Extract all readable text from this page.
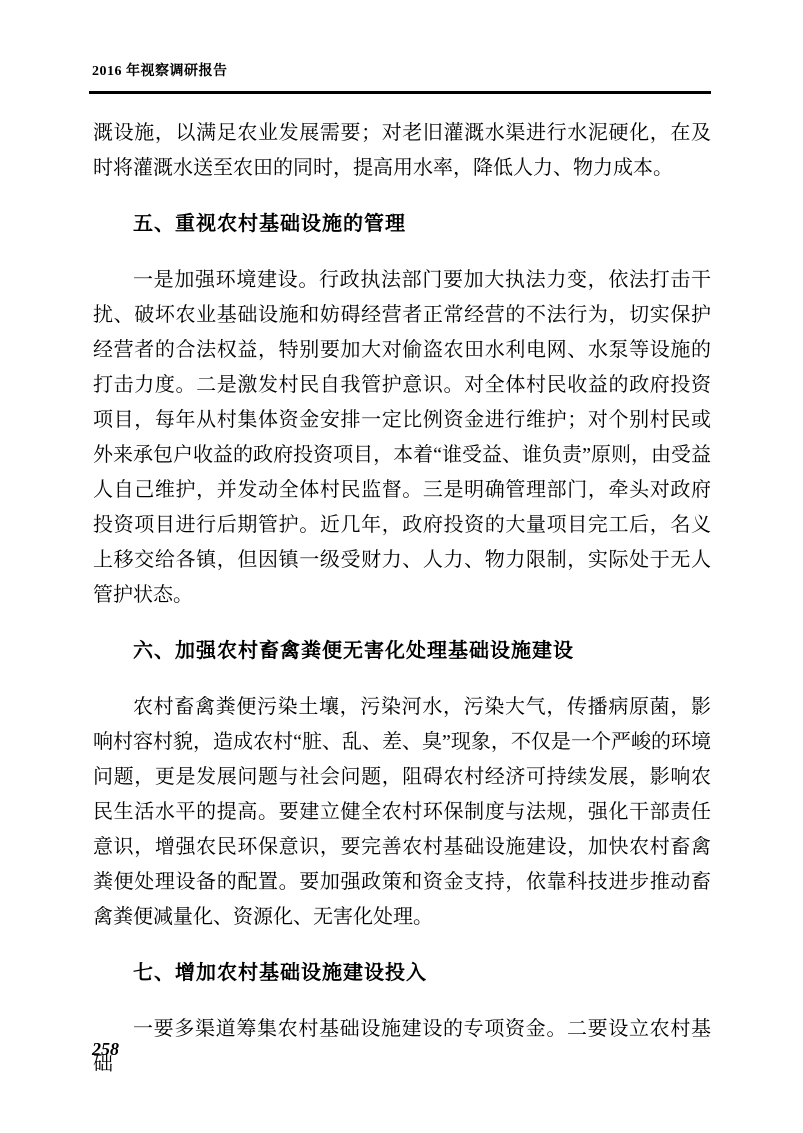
2016 年视察调研报告

溉设施，以满足农业发展需要；对老旧灌溉水渠进行水泥硬化，在及时将灌溉水送至农田的同时，提高用水率，降低人力、物力成本。

五、重视农村基础设施的管理

一是加强环境建设。行政执法部门要加大执法力变，依法打击干扰、破坏农业基础设施和妨碍经营者正常经营的不法行为，切实保护经营者的合法权益，特别要加大对偷盗农田水利电网、水泵等设施的打击力度。二是激发村民自我管护意识。对全体村民收益的政府投资项目，每年从村集体资金安排一定比例资金进行维护；对个别村民或外来承包户收益的政府投资项目，本着“谁受益、谁负责”原则，由受益人自己维护，并发动全体村民监督。三是明确管理部门，牵头对政府投资项目进行后期管护。近几年，政府投资的大量项目完工后，名义上移交给各镇，但因镇一级受财力、人力、物力限制，实际处于无人管护状态。

六、加强农村畜禽粪便无害化处理基础设施建设

农村畜禽粪便污染土壤，污染河水，污染大气，传播病原菌，影响村容村貌，造成农村“脏、乱、差、臭”现象，不仅是一个严峻的环境问题，更是发展问题与社会问题，阻碍农村经济可持续发展，影响农民生活水平的提高。要建立健全农村环保制度与法规，强化干部责任意识，增强农民环保意识，要完善农村基础设施建设，加快农村畜禽粪便处理设备的配置。要加强政策和资金支持，依靠科技进步推动畜禽粪便减量化、资源化、无害化处理。

七、增加农村基础设施建设投入

一要多渠道筹集农村基础设施建设的专项资金。二要设立农村基础

258
